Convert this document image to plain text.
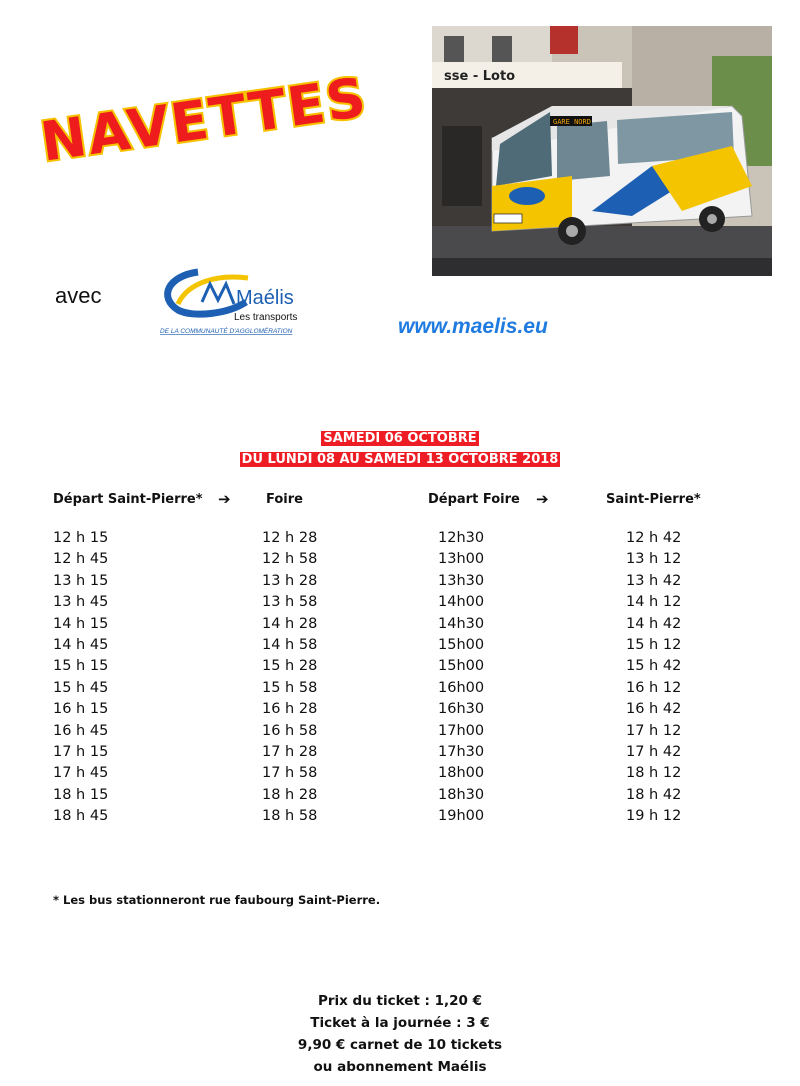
NAVETTES	sse - Loto
GARE NORD
avec	Maélis
Les transports
DE LA COMMUNAUTÉ D'AGGLOMÉRATION	www.maelis.eu
SAMEDI 06 OCTOBRE
DU LUNDI 08 AU SAMEDI 13 OCTOBRE 2018
Départ Saint-Pierre* ➔	Foire	Départ Foire ➔	Saint-Pierre*
12 h 15	12 h 28	12h30	12 h 42
12 h 45	12 h 58	13h00	13 h 12
13 h 15	13 h 28	13h30	13 h 42
13 h 45	13 h 58	14h00	14 h 12
14 h 15	14 h 28	14h30	14 h 42
14 h 45	14 h 58	15h00	15 h 12
15 h 15	15 h 28	15h00	15 h 42
15 h 45	15 h 58	16h00	16 h 12
16 h 15	16 h 28	16h30	16 h 42
16 h 45	16 h 58	17h00	17 h 12
17 h 15	17 h 28	17h30	17 h 42
17 h 45	17 h 58	18h00	18 h 12
18 h 15	18 h 28	18h30	18 h 42
18 h 45	18 h 58	19h00	19 h 12
* Les bus stationneront rue faubourg Saint-Pierre.
Prix du ticket : 1,20 €
Ticket à la journée : 3 €
9,90 € carnet de 10 tickets
ou abonnement Maélis
